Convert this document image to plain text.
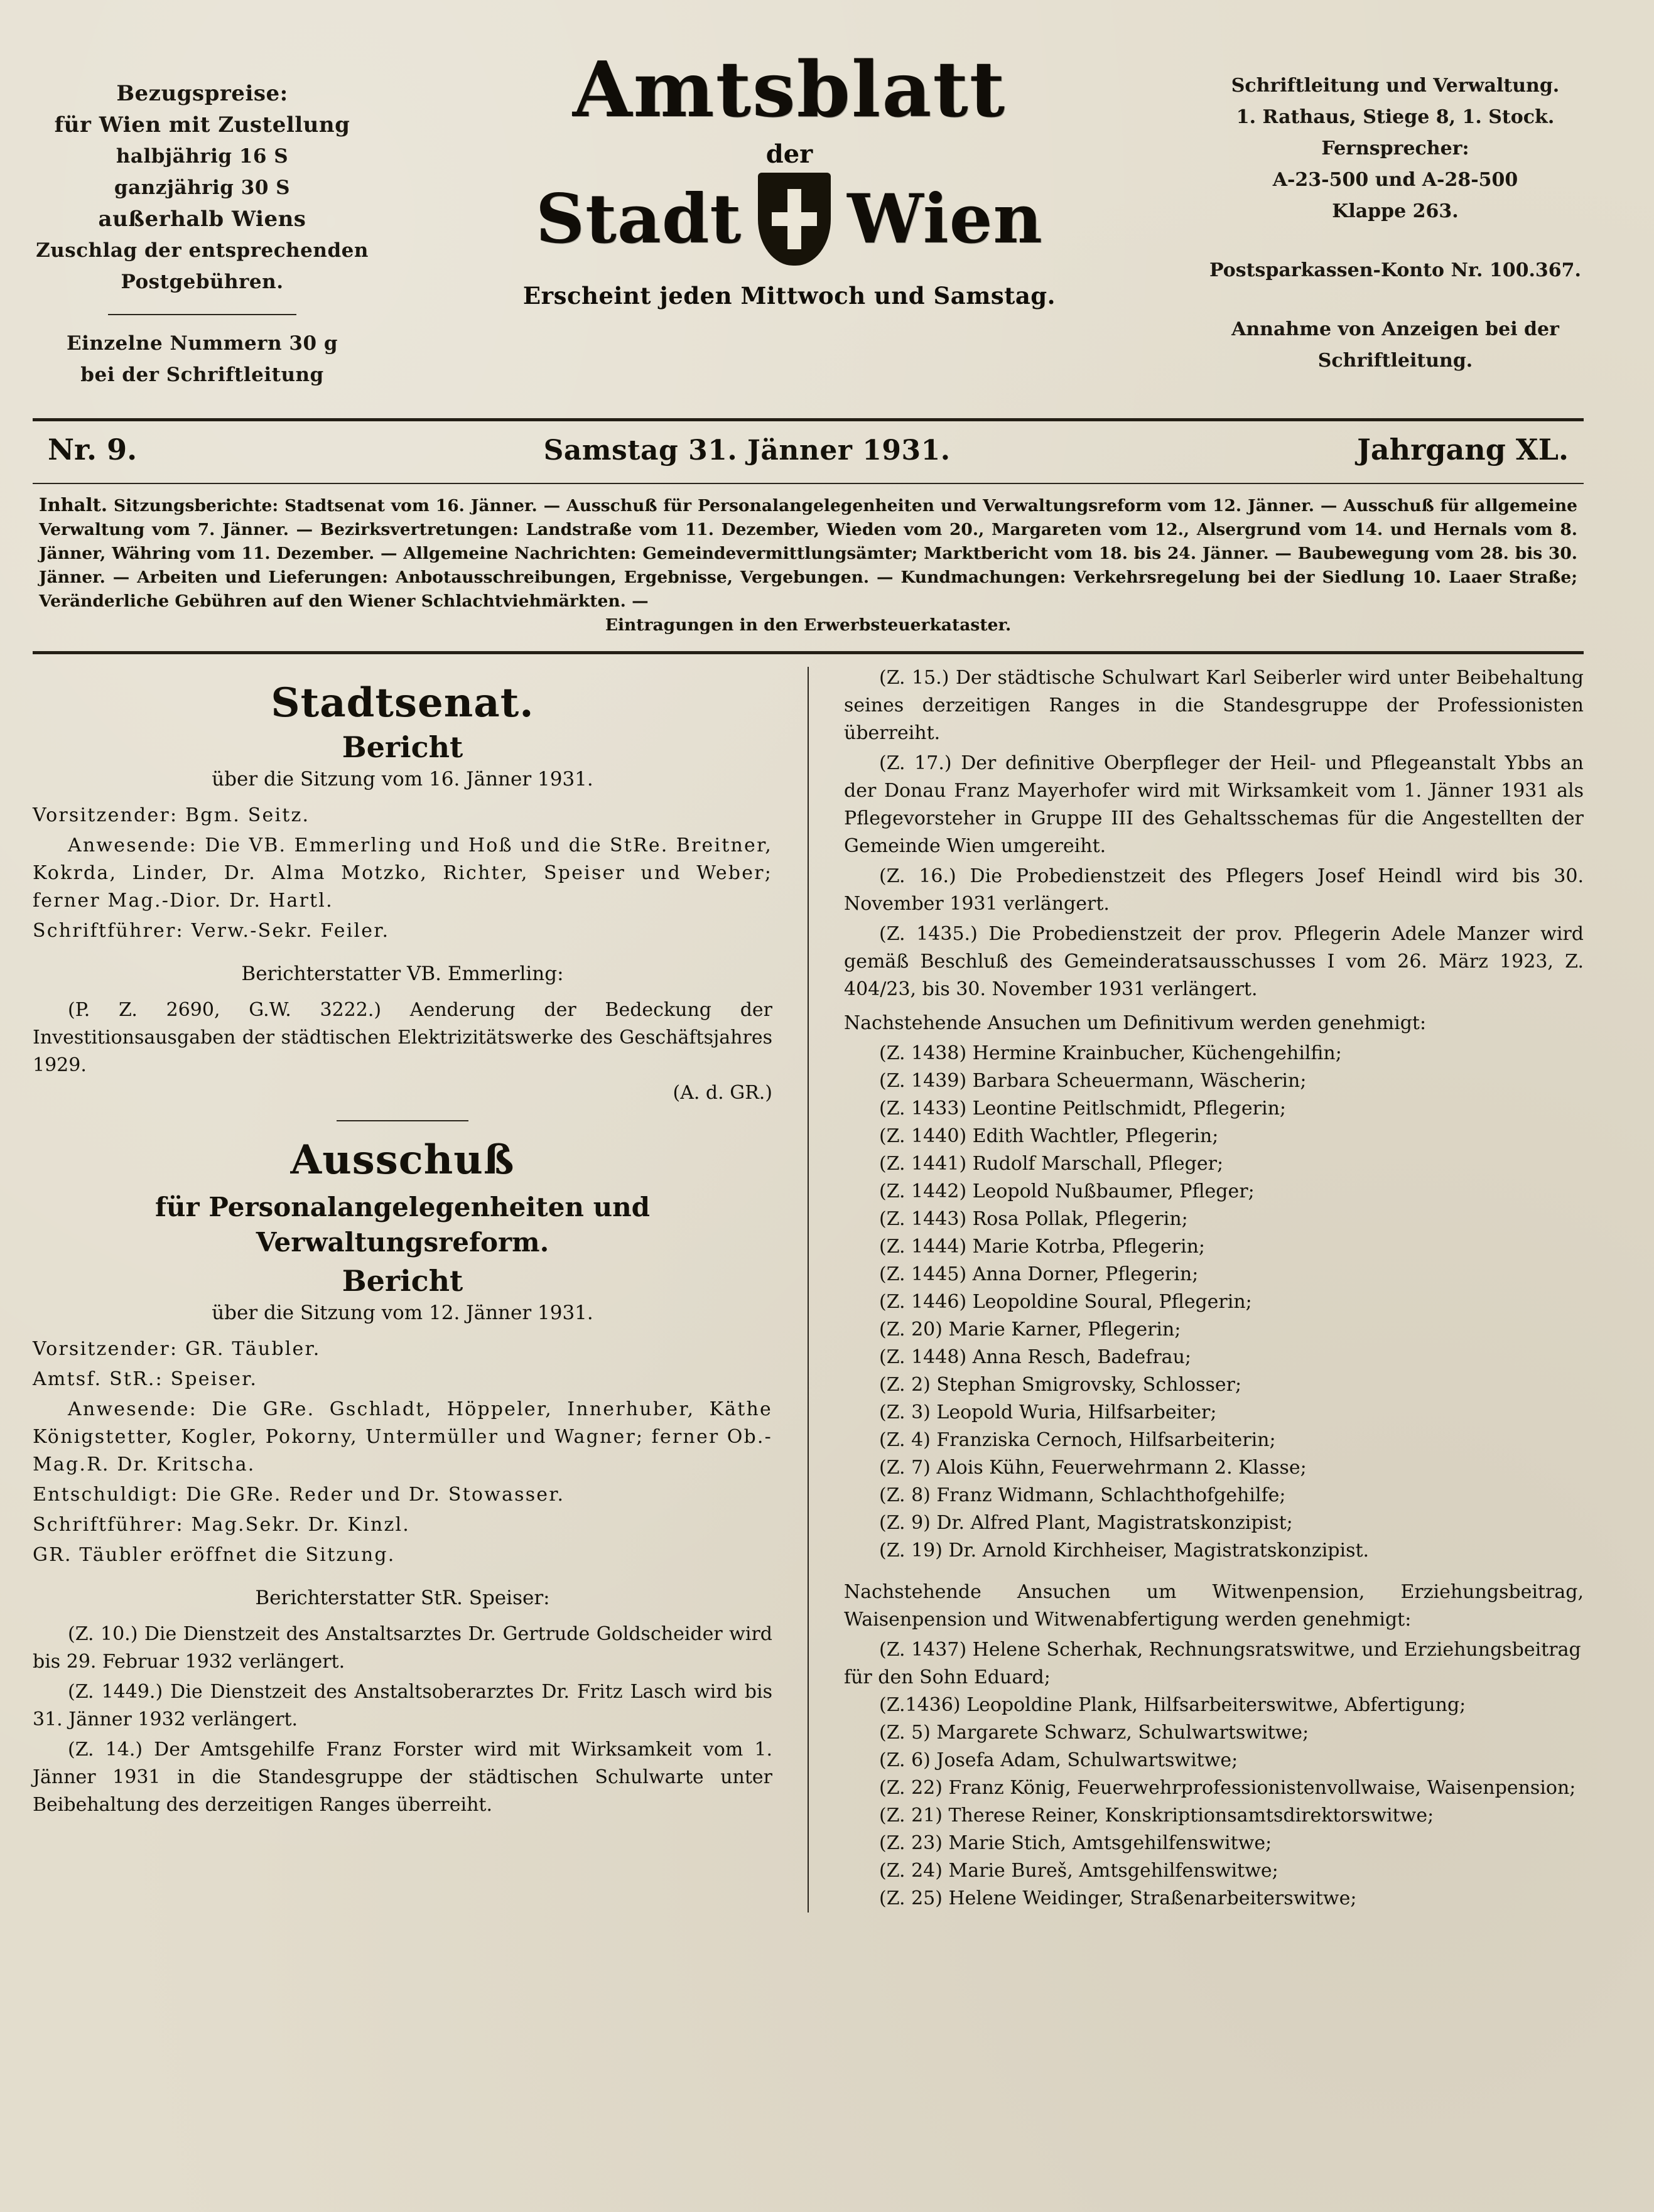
Bezugspreise:
für Wien mit Zustellung
halbjährig 16 S
ganzjährig 30 S
außerhalb Wiens
Zuschlag der entsprechenden
Postgebühren.
Einzelne Nummern 30 g
bei der Schriftleitung
Amtsblatt
der
Stadt Wien
Erscheint jeden Mittwoch und Samstag.
Schriftleitung und Verwaltung.
1. Rathaus, Stiege 8, 1. Stock.
Fernsprecher:
A-23-500 und A-28-500
Klappe 263.
Postsparkassen-Konto Nr. 100.367.
Annahme von Anzeigen bei der
Schriftleitung.
Nr. 9.	Samstag 31. Jänner 1931.	Jahrgang XL.
Inhalt. Sitzungsberichte: Stadtsenat vom 16. Jänner. — Ausschuß für Personalangelegenheiten und Verwaltungsreform vom 12. Jänner. — Ausschuß für allgemeine Verwaltung vom 7. Jänner. — Bezirksvertretungen: Landstraße vom 11. Dezember, Wieden vom 20., Margareten vom 12., Alsergrund vom 14. und Hernals vom 8. Jänner, Währing vom 11. Dezember. — Allgemeine Nachrichten: Gemeindevermittlungsämter; Marktbericht vom 18. bis 24. Jänner. — Baubewegung vom 28. bis 30. Jänner. — Arbeiten und Lieferungen: Anbotausschreibungen, Ergebnisse, Vergebungen. — Kundmachungen: Verkehrsregelung bei der Siedlung 10. Laaer Straße; Veränderliche Gebühren auf den Wiener Schlachtviehmärkten. —
Eintragungen in den Erwerbsteuerkataster.
Stadtsenat.
Bericht

über die Sitzung vom 16. Jänner 1931.

Vorsitzender: Bgm. Seitz.

Anwesende: Die VB. Emmerling und Hoß und die StRe. Breitner, Kokrda, Linder, Dr. Alma Motzko, Richter, Speiser und Weber; ferner Mag.-Dior. Dr. Hartl.

Schriftführer: Verw.-Sekr. Feiler.

Berichterstatter VB. Emmerling:

(P. Z. 2690, G.W. 3222.) Aenderung der Bedeckung der Investitionsausgaben der städtischen Elektrizitätswerke des Geschäftsjahres 1929.

(A. d. GR.)

Ausschuß
für Personalangelegenheiten und Verwaltungsreform.
Bericht

über die Sitzung vom 12. Jänner 1931.

Vorsitzender: GR. Täubler.

Amtsf. StR.: Speiser.

Anwesende: Die GRe. Gschladt, Höppeler, Innerhuber, Käthe Königstetter, Kogler, Pokorny, Untermüller und Wagner; ferner Ob.-Mag.R. Dr. Kritscha.

Entschuldigt: Die GRe. Reder und Dr. Stowasser.

Schriftführer: Mag.Sekr. Dr. Kinzl.

GR. Täubler eröffnet die Sitzung.

Berichterstatter StR. Speiser:

(Z. 10.) Die Dienstzeit des Anstaltsarztes Dr. Gertrude Goldscheider wird bis 29. Februar 1932 verlängert.

(Z. 1449.) Die Dienstzeit des Anstaltsoberarztes Dr. Fritz Lasch wird bis 31. Jänner 1932 verlängert.

(Z. 14.) Der Amtsgehilfe Franz Forster wird mit Wirksamkeit vom 1. Jänner 1931 in die Standesgruppe der städtischen Schulwarte unter Beibehaltung des derzeitigen Ranges überreiht.

(Z. 15.) Der städtische Schulwart Karl Seiberler wird unter Beibehaltung seines derzeitigen Ranges in die Standesgruppe der Professionisten überreiht.

(Z. 17.) Der definitive Oberpfleger der Heil- und Pflegeanstalt Ybbs an der Donau Franz Mayerhofer wird mit Wirksamkeit vom 1. Jänner 1931 als Pflegevorsteher in Gruppe III des Gehaltsschemas für die Angestellten der Gemeinde Wien umgereiht.

(Z. 16.) Die Probedienstzeit des Pflegers Josef Heindl wird bis 30. November 1931 verlängert.

(Z. 1435.) Die Probedienstzeit der prov. Pflegerin Adele Manzer wird gemäß Beschluß des Gemeinderatsausschusses I vom 26. März 1923, Z. 404/23, bis 30. November 1931 verlängert.

Nachstehende Ansuchen um Definitivum werden genehmigt:

(Z. 1438) Hermine Krainbucher, Küchengehilfin;

(Z. 1439) Barbara Scheuermann, Wäscherin;

(Z. 1433) Leontine Peitlschmidt, Pflegerin;

(Z. 1440) Edith Wachtler, Pflegerin;

(Z. 1441) Rudolf Marschall, Pfleger;

(Z. 1442) Leopold Nußbaumer, Pfleger;

(Z. 1443) Rosa Pollak, Pflegerin;

(Z. 1444) Marie Kotrba, Pflegerin;

(Z. 1445) Anna Dorner, Pflegerin;

(Z. 1446) Leopoldine Soural, Pflegerin;

(Z. 20) Marie Karner, Pflegerin;

(Z. 1448) Anna Resch, Badefrau;

(Z. 2) Stephan Smigrovsky, Schlosser;

(Z. 3) Leopold Wuria, Hilfsarbeiter;

(Z. 4) Franziska Cernoch, Hilfsarbeiterin;

(Z. 7) Alois Kühn, Feuerwehrmann 2. Klasse;

(Z. 8) Franz Widmann, Schlachthofgehilfe;

(Z. 9) Dr. Alfred Plant, Magistratskonzipist;

(Z. 19) Dr. Arnold Kirchheiser, Magistratskonzipist.

Nachstehende Ansuchen um Witwenpension, Erziehungsbeitrag, Waisenpension und Witwenabfertigung werden genehmigt:

(Z. 1437) Helene Scherhak, Rechnungsratswitwe, und Erziehungsbeitrag für den Sohn Eduard;

(Z.1436) Leopoldine Plank, Hilfsarbeiterswitwe, Abfertigung;

(Z. 5) Margarete Schwarz, Schulwartswitwe;

(Z. 6) Josefa Adam, Schulwartswitwe;

(Z. 22) Franz König, Feuerwehrprofessionistenvollwaise, Waisenpension;

(Z. 21) Therese Reiner, Konskriptionsamtsdirektorswitwe;

(Z. 23) Marie Stich, Amtsgehilfenswitwe;

(Z. 24) Marie Bureš, Amtsgehilfenswitwe;

(Z. 25) Helene Weidinger, Straßenarbeiterswitwe;
